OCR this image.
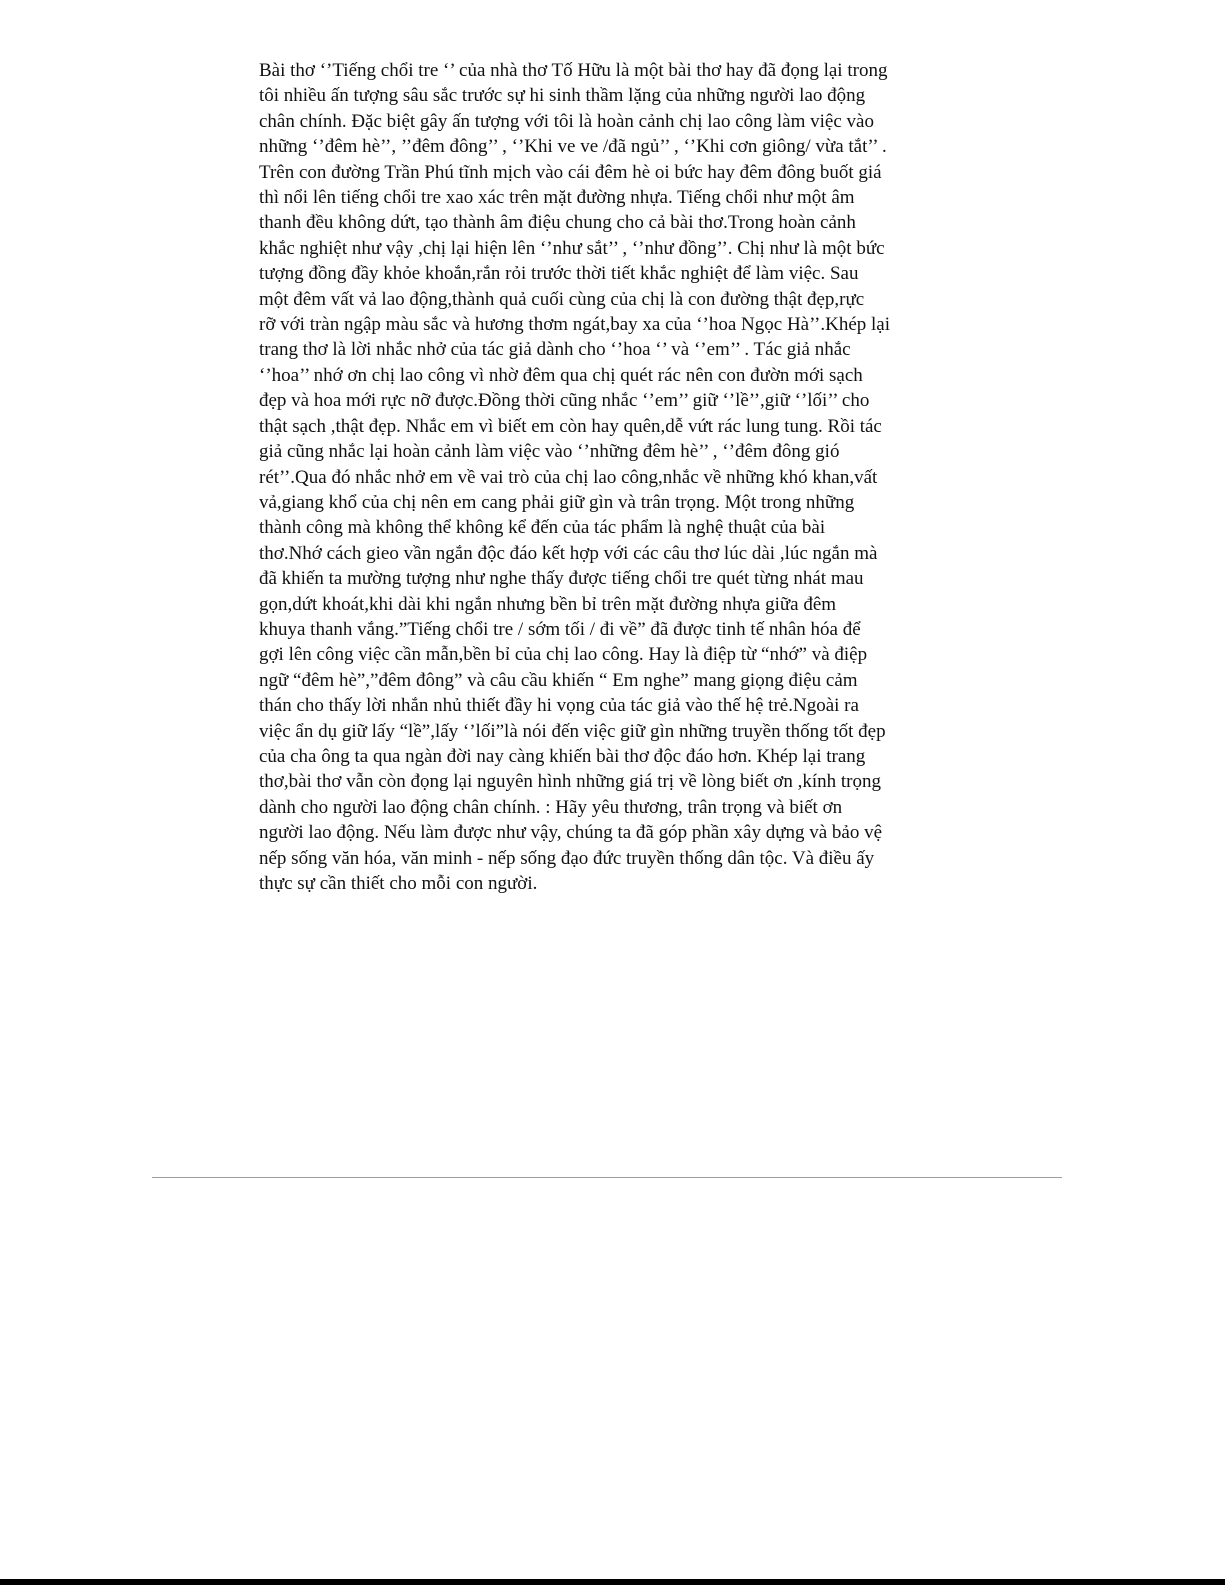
Bài thơ ‘’Tiếng chổi tre ‘’ của nhà thơ Tố Hữu là một bài thơ hay đã đọng lại trong
tôi nhiều ấn tượng sâu sắc trước sự hi sinh thầm lặng của những người lao động
chân chính. Đặc biệt gây ấn tượng với tôi là hoàn cảnh chị lao công làm việc vào
những ‘’đêm hè’’, ’’đêm đông’’ , ‘’Khi ve ve /đã ngủ’’ , ‘’Khi cơn giông/ vừa tắt’’ .
Trên con đường Trần Phú tĩnh mịch vào cái đêm hè oi bức hay đêm đông buốt giá
thì nổi lên tiếng chổi tre xao xác trên mặt đường nhựa. Tiếng chổi như một âm
thanh đều không dứt, tạo thành âm điệu chung cho cả bài thơ.Trong hoàn cảnh
khắc nghiệt như vậy ,chị lại hiện lên ‘’như sắt’’ , ‘’như đồng’’. Chị như là một bức
tượng đồng đầy khỏe khoắn,rắn rỏi trước thời tiết khắc nghiệt để làm việc. Sau
một đêm vất vả lao động,thành quả cuối cùng của chị là con đường thật đẹp,rực
rỡ với tràn ngập màu sắc và hương thơm ngát,bay xa của ‘’hoa Ngọc Hà’’.Khép lại
trang thơ là lời nhắc nhở của tác giả dành cho ‘’hoa ‘’ và ‘’em’’ . Tác giả nhắc
‘’hoa’’ nhớ ơn chị lao công vì nhờ đêm qua chị quét rác nên con đườn mới sạch
đẹp và hoa mới rực nỡ được.Đồng thời cũng nhắc ‘’em’’ giữ ‘’lề’’,giữ ‘’lối’’ cho
thật sạch ,thật đẹp. Nhắc em vì biết em còn hay quên,dễ vứt rác lung tung. Rồi tác
giả cũng nhắc lại hoàn cảnh làm việc vào ‘’những đêm hè’’ , ‘’đêm đông gió
rét’’.Qua đó nhắc nhở em về vai trò của chị lao công,nhắc về những khó khan,vất
vả,giang khổ của chị nên em cang phải giữ gìn và trân trọng. Một trong những
thành công mà không thể không kể đến của tác phẩm là nghệ thuật của bài
thơ.Nhớ cách gieo vần ngắn độc đáo kết hợp với các câu thơ lúc dài ,lúc ngắn mà
đã khiến ta mường tượng như nghe thấy được tiếng chổi tre quét từng nhát mau
gọn,dứt khoát,khi dài khi ngắn nhưng bền bỉ trên mặt đường nhựa giữa đêm
khuya thanh vắng.”Tiếng chổi tre / sớm tối / đi về” đã được tinh tế nhân hóa để
gợi lên công việc cần mẫn,bền bỉ của chị lao công. Hay là điệp từ “nhớ” và điệp
ngữ “đêm hè”,”đêm đông” và câu cầu khiến “ Em nghe” mang giọng điệu cảm
thán cho thấy lời nhắn nhủ thiết đầy hi vọng của tác giả vào thế hệ trẻ.Ngoài ra
việc ẩn dụ giữ lấy “lề”,lấy ‘’lối”là nói đến việc giữ gìn những truyền thống tốt đẹp
của cha ông ta qua ngàn đời nay càng khiến bài thơ độc đáo hơn. Khép lại trang
thơ,bài thơ vẫn còn đọng lại nguyên hình những giá trị về lòng biết ơn ,kính trọng
dành cho người lao động chân chính. : Hãy yêu thương, trân trọng và biết ơn
người lao động. Nếu làm được như vậy, chúng ta đã góp phần xây dựng và bảo vệ
nếp sống văn hóa, văn minh - nếp sống đạo đức truyền thống dân tộc. Và điều ấy
thực sự cần thiết cho mỗi con người.
